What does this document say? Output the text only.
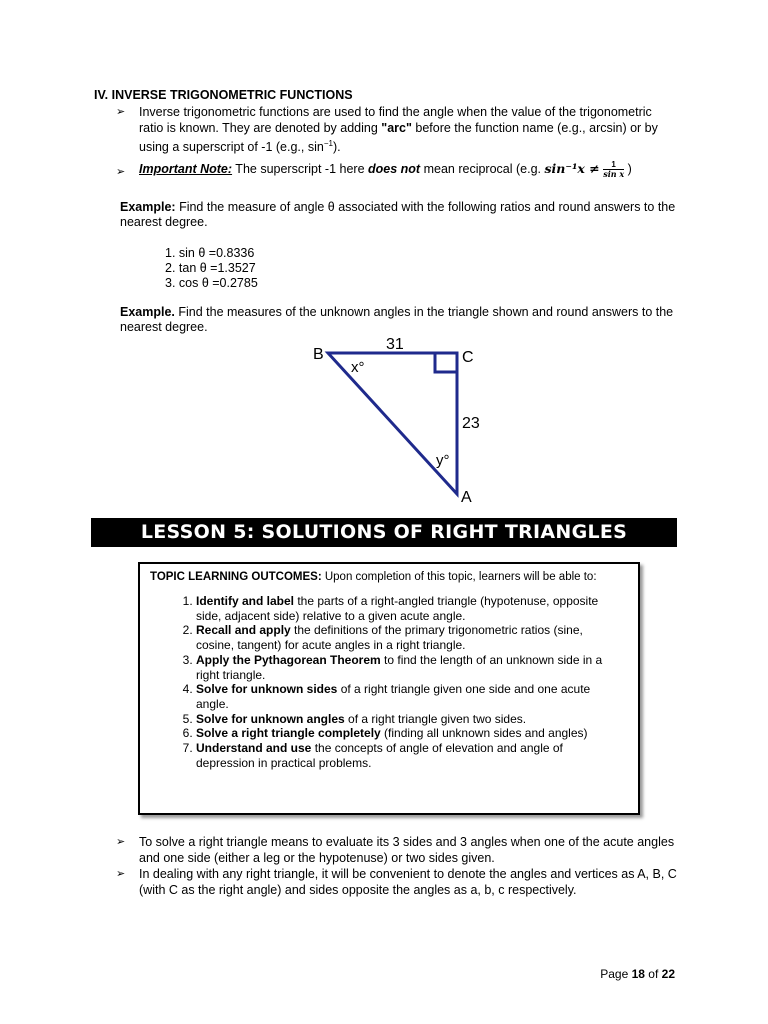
IV. INVERSE TRIGONOMETRIC FUNCTIONS
➢ Inverse trigonometric functions are used to find the angle when the value of the trigonometric ratio is known. They are denoted by adding "arc" before the function name (e.g., arcsin) or by using a superscript of -1 (e.g., $\sin^{-1}$).
➢ Important Note: The superscript -1 here does not mean reciprocal (e.g. $\sin^{-1}x \ne \frac{1}{\text{sin x}}$ )
Example: Find the measure of angle θ associated with the following ratios and round answers to the nearest degree.
1. sin θ =0.8336
2. tan θ =1.3527
3. cos θ =0.2785
Example. Find the measures of the unknown angles in the triangle shown and round answers to the nearest degree.
B	C
A
31
23
x°
y°
LESSON 5: SOLUTIONS OF RIGHT TRIANGLES
TOPIC LEARNING OUTCOMES: Upon completion of this topic, learners will be able to:
1. Identify and label the parts of a right-angled triangle (hypotenuse, opposite side, adjacent side) relative to a given acute angle.
2. Recall and apply the definitions of the primary trigonometric ratios (sine, cosine, tangent) for acute angles in a right triangle.
3. Apply the Pythagorean Theorem to find the length of an unknown side in a right triangle.
4. Solve for unknown sides of a right triangle given one side and one acute angle.
5. Solve for unknown angles of a right triangle given two sides.
6. Solve a right triangle completely (finding all unknown sides and angles)
7. Understand and use the concepts of angle of elevation and angle of depression in practical problems.
➢ To solve a right triangle means to evaluate its 3 sides and 3 angles when one of the acute angles and one side (either a leg or the hypotenuse) or two sides given.
➢ In dealing with any right triangle, it will be convenient to denote the angles and vertices as A, B, C (with C as the right angle) and sides opposite the angles as a, b, c respectively.
Page 18 of 22
